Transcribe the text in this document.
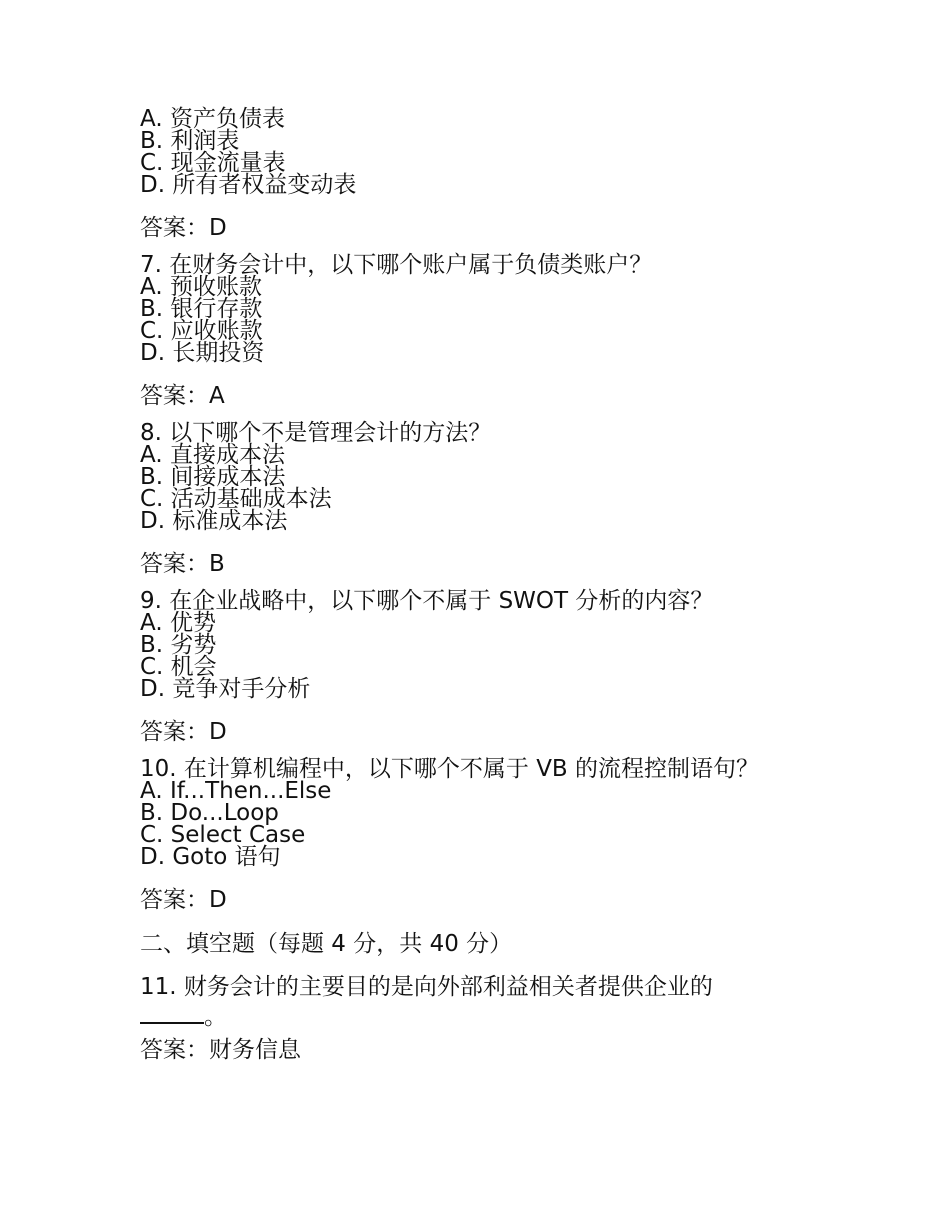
A. 资产负债表
B. 利润表
C. 现金流量表
D. 所有者权益变动表
答案：D
7. 在财务会计中，以下哪个账户属于负债类账户？
A. 预收账款
B. 银行存款
C. 应收账款
D. 长期投资
答案：A
8. 以下哪个不是管理会计的方法？
A. 直接成本法
B. 间接成本法
C. 活动基础成本法
D. 标准成本法
答案：B
9. 在企业战略中，以下哪个不属于 SWOT 分析的内容？
A. 优势
B. 劣势
C. 机会
D. 竞争对手分析
答案：D
10. 在计算机编程中，以下哪个不属于 VB 的流程控制语句？
A. If...Then...Else
B. Do...Loop
C. Select Case
D. Goto 语句
答案：D
二、填空题（每题 4 分，共 40 分）
11. 财务会计的主要目的是向外部利益相关者提供企业的
。
答案：财务信息
